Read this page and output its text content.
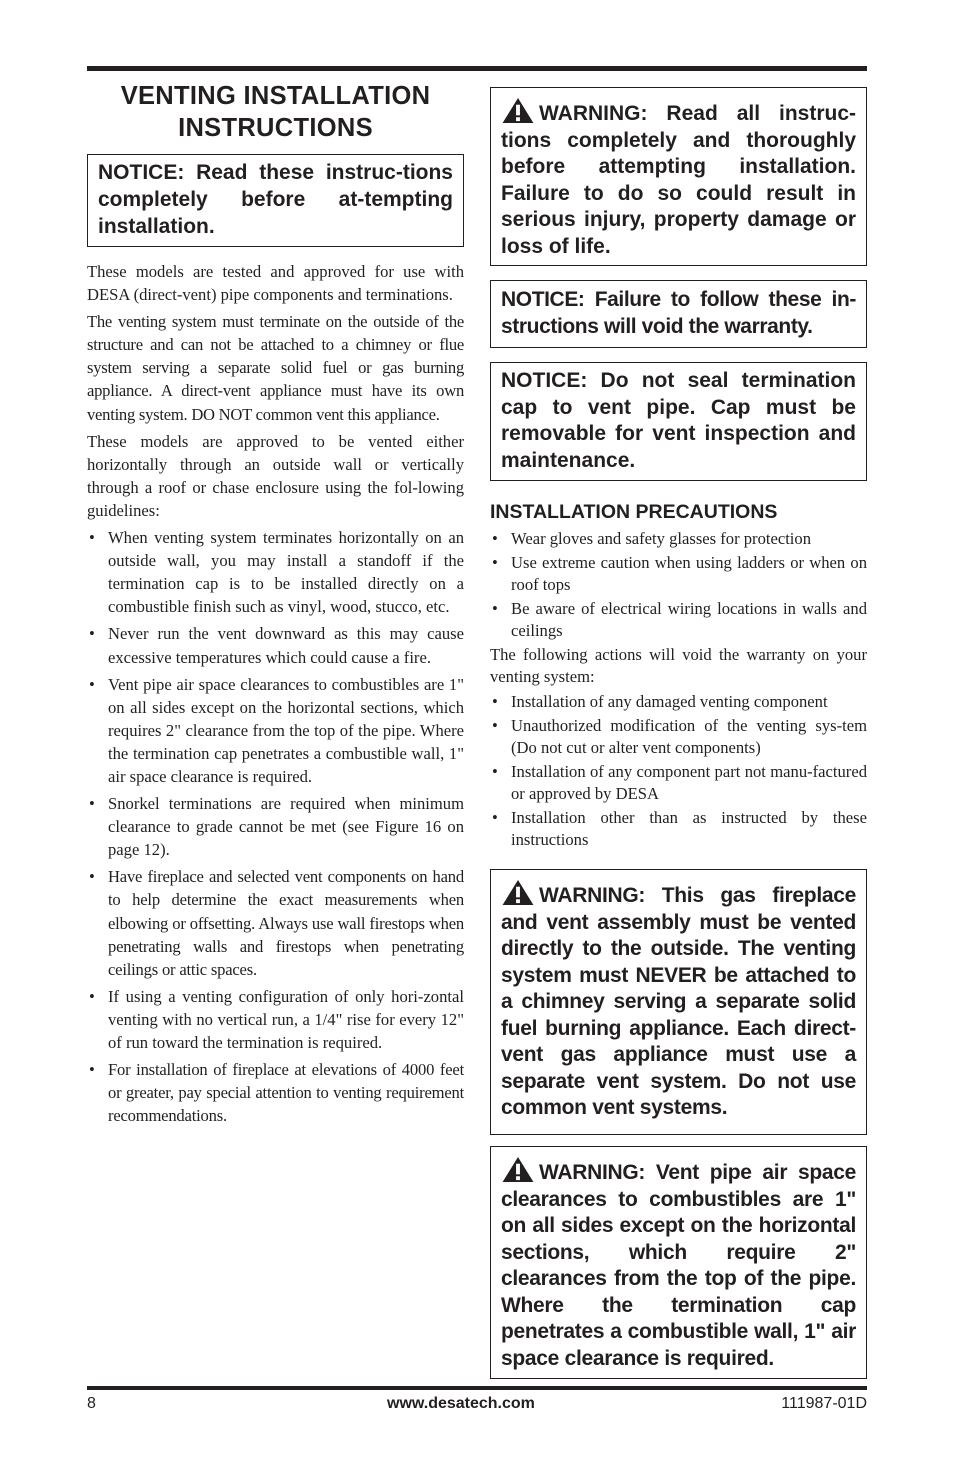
VENTING INSTALLATION
INSTRUCTIONS
NOTICE: Read these instruc-tions completely before at-tempting installation.

These models are tested and approved for use with DESA (direct-vent) pipe components and terminations.

The venting system must terminate on the outside of the structure and can not be attached to a chimney or flue system serving a separate solid fuel or gas burning appliance. A direct-vent appliance must have its own venting system. DO NOT common vent this appliance.

These models are approved to be vented either horizontally through an outside wall or vertically through a roof or chase enclosure using the fol-lowing guidelines:

• When venting system terminates horizontally on an outside wall, you may install a standoff if the termination cap is to be installed directly on a combustible finish such as vinyl, wood, stucco, etc.
• Never run the vent downward as this may cause excessive temperatures which could cause a fire.
• Vent pipe air space clearances to combustibles are 1" on all sides except on the horizontal sections, which requires 2" clearance from the top of the pipe. Where the termination cap penetrates a combustible wall, 1" air space clearance is required.
• Snorkel terminations are required when minimum clearance to grade cannot be met (see Figure 16 on page 12).
• Have fireplace and selected vent components on hand to help determine the exact measurements when elbowing or offsetting. Always use wall firestops when penetrating walls and firestops when penetrating ceilings or attic spaces.
• If using a venting configuration of only hori-zontal venting with no vertical run, a 1/4" rise for every 12" of run toward the termination is required.
• For installation of fireplace at elevations of 4000 feet or greater, pay special attention to venting requirement recommendations.
WARNING: Read all instruc-tions completely and thoroughly before attempting installation. Failure to do so could result in serious injury, property damage or loss of life.
NOTICE: Failure to follow these in-structions will void the warranty.
NOTICE: Do not seal termination cap to vent pipe. Cap must be removable for vent inspection and maintenance.
INSTALLATION PRECAUTIONS
• Wear gloves and safety glasses for protection
• Use extreme caution when using ladders or when on roof tops
• Be aware of electrical wiring locations in walls and ceilings

The following actions will void the warranty on your venting system:

• Installation of any damaged venting component
• Unauthorized modification of the venting sys-tem (Do not cut or alter vent components)
• Installation of any component part not manu-factured or approved by DESA
• Installation other than as instructed by these instructions
WARNING: This gas fireplace and vent assembly must be vented directly to the outside. The venting system must NEVER be attached to a chimney serving a separate solid fuel burning appliance. Each direct-vent gas appliance must use a separate vent system. Do not use common vent systems.
WARNING: Vent pipe air space clearances to combustibles are 1" on all sides except on the horizontal sections, which require 2" clearances from the top of the pipe. Where the termination cap penetrates a combustible wall, 1" air space clearance is required.
8	www.desatech.com	111987-01D
